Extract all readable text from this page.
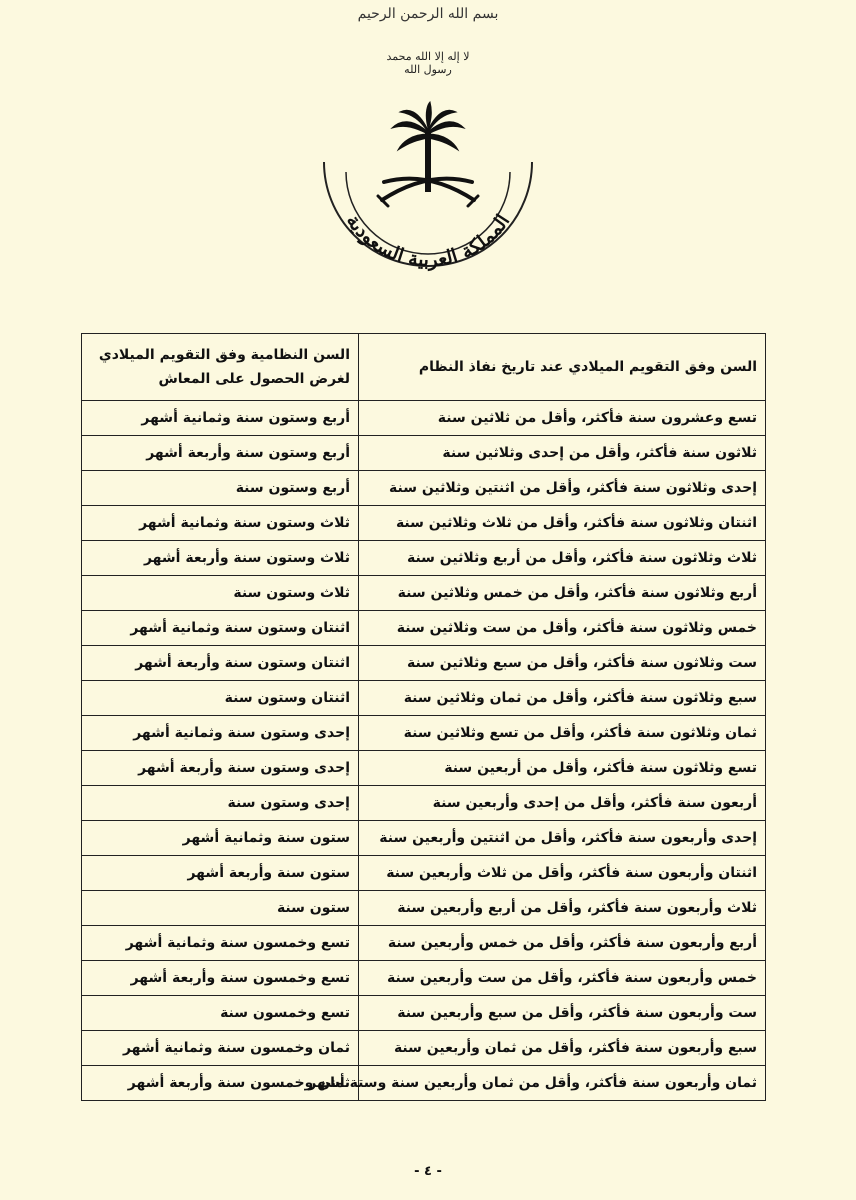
بسم الله الرحمن الرحيم
لا إله إلا الله محمد رسول الله
المملكة العربية السعودية
السن وفق التقويم الميلادي عند تاريخ نفاذ النظام	السن النظامية وفق التقويم الميلادي لغرض الحصول على المعاش
تسع وعشرون سنة فأكثر، وأقل من ثلاثين سنة	أربع وستون سنة وثمانية أشهر
ثلاثون سنة فأكثر، وأقل من إحدى وثلاثين سنة	أربع وستون سنة وأربعة أشهر
إحدى وثلاثون سنة فأكثر، وأقل من اثنتين وثلاثين سنة	أربع وستون سنة
اثنتان وثلاثون سنة فأكثر، وأقل من ثلاث وثلاثين سنة	ثلاث وستون سنة وثمانية أشهر
ثلاث وثلاثون سنة فأكثر، وأقل من أربع وثلاثين سنة	ثلاث وستون سنة وأربعة أشهر
أربع وثلاثون سنة فأكثر، وأقل من خمس وثلاثين سنة	ثلاث وستون سنة
خمس وثلاثون سنة فأكثر، وأقل من ست وثلاثين سنة	اثنتان وستون سنة وثمانية أشهر
ست وثلاثون سنة فأكثر، وأقل من سبع وثلاثين سنة	اثنتان وستون سنة وأربعة أشهر
سبع وثلاثون سنة فأكثر، وأقل من ثمان وثلاثين سنة	اثنتان وستون سنة
ثمان وثلاثون سنة فأكثر، وأقل من تسع وثلاثين سنة	إحدى وستون سنة وثمانية أشهر
تسع وثلاثون سنة فأكثر، وأقل من أربعين سنة	إحدى وستون سنة وأربعة أشهر
أربعون سنة فأكثر، وأقل من إحدى وأربعين سنة	إحدى وستون سنة
إحدى وأربعون سنة فأكثر، وأقل من اثنتين وأربعين سنة	ستون سنة وثمانية أشهر
اثنتان وأربعون سنة فأكثر، وأقل من ثلاث وأربعين سنة	ستون سنة وأربعة أشهر
ثلاث وأربعون سنة فأكثر، وأقل من أربع وأربعين سنة	ستون سنة
أربع وأربعون سنة فأكثر، وأقل من خمس وأربعين سنة	تسع وخمسون سنة وثمانية أشهر
خمس وأربعون سنة فأكثر، وأقل من ست وأربعين سنة	تسع وخمسون سنة وأربعة أشهر
ست وأربعون سنة فأكثر، وأقل من سبع وأربعين سنة	تسع وخمسون سنة
سبع وأربعون سنة فأكثر، وأقل من ثمان وأربعين سنة	ثمان وخمسون سنة وثمانية أشهر
ثمان وأربعون سنة فأكثر، وأقل من ثمان وأربعين سنة وستة أشهر	ثمان وخمسون سنة وأربعة أشهر
- ٤ -
